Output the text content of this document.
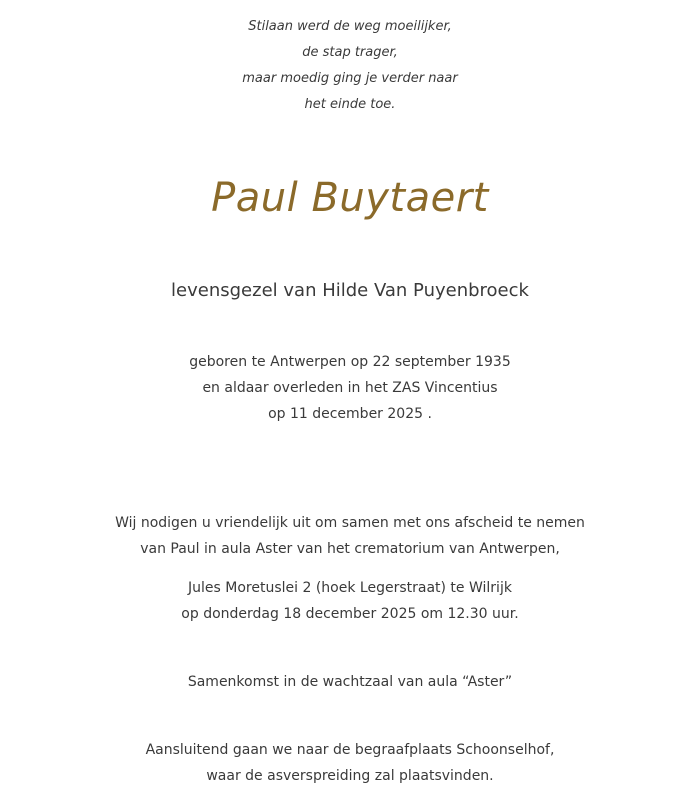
Stilaan werd de weg moeilijker,
de stap trager,
maar moedig ging je verder naar
het einde toe.
Paul Buytaert
levensgezel van Hilde Van Puyenbroeck
geboren te Antwerpen op 22 september 1935
en aldaar overleden in het ZAS Vincentius
op 11 december 2025 .
Wij nodigen u vriendelijk uit om samen met ons afscheid te nemen
van Paul in aula Aster van het crematorium van Antwerpen,
Jules Moretuslei 2 (hoek Legerstraat) te Wilrijk
op donderdag 18 december 2025 om 12.30 uur.
Samenkomst in de wachtzaal van aula “Aster”
Aansluitend gaan we naar de begraafplaats Schoonselhof,
waar de asverspreiding zal plaatsvinden.
